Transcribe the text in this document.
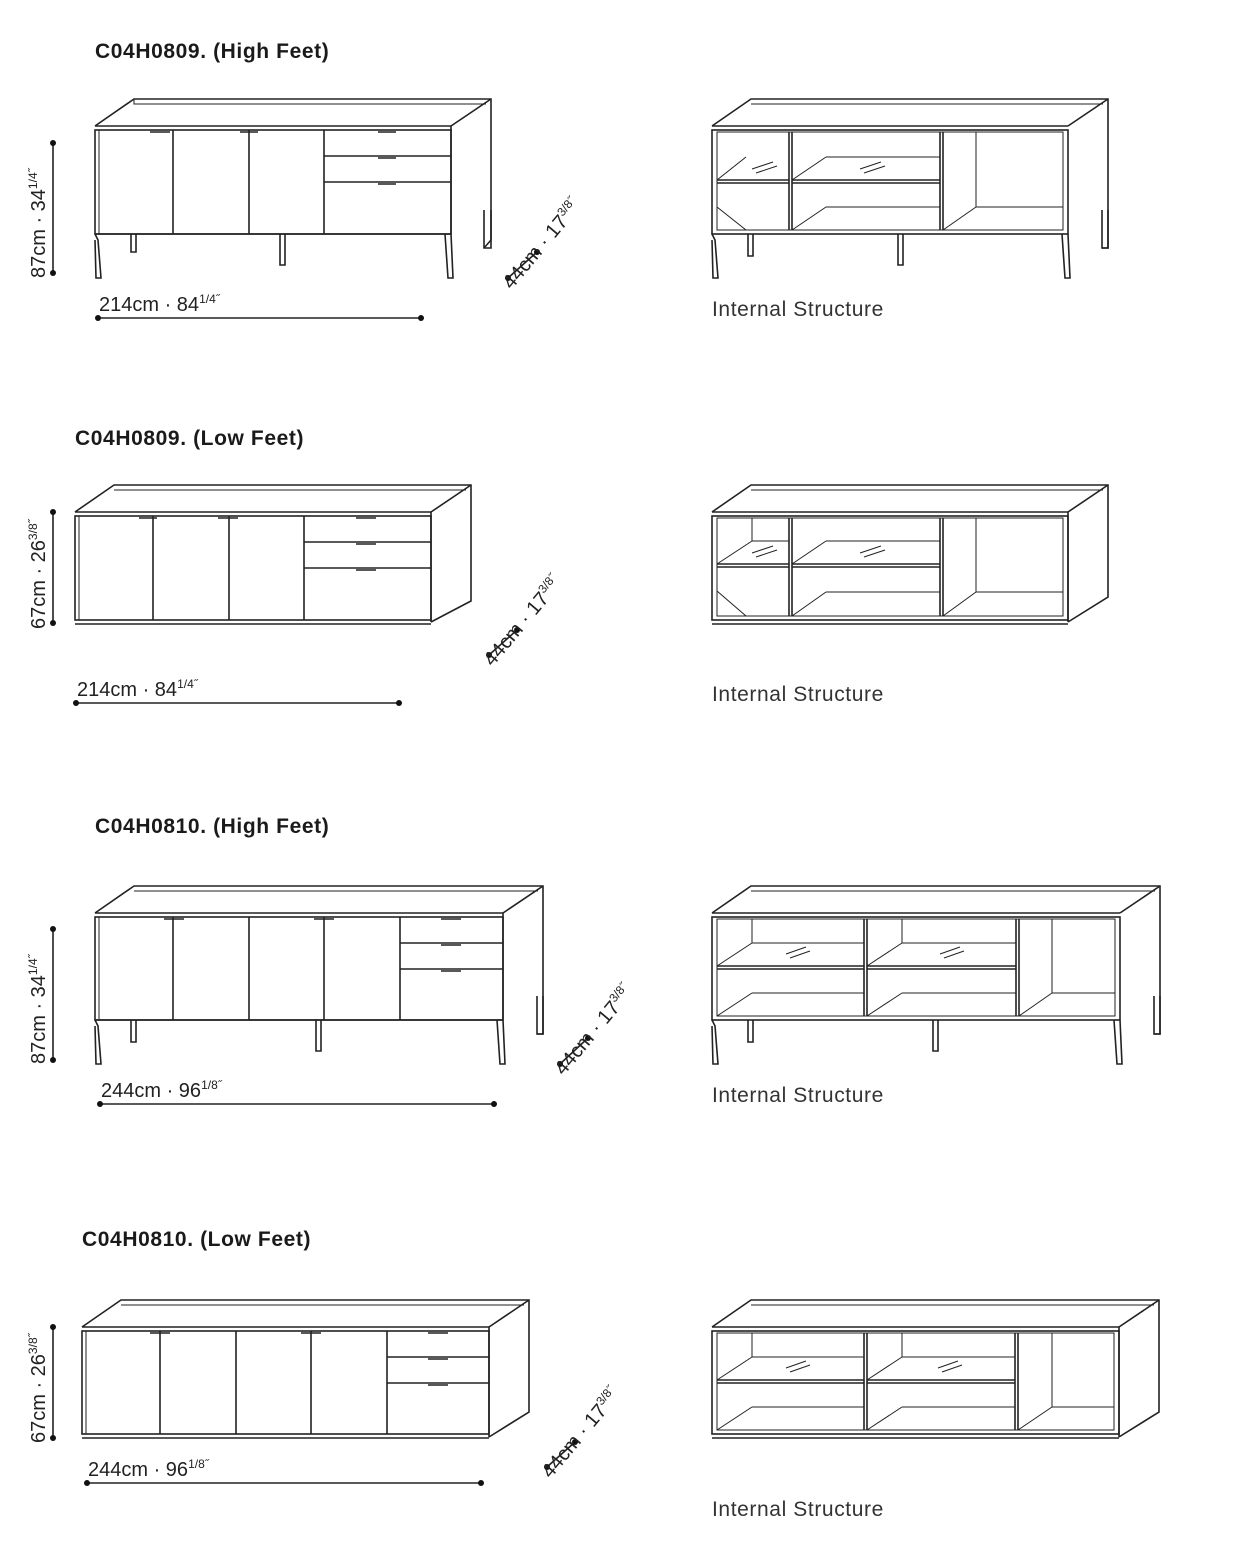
C04H0809. (High Feet)
$87cm \cdot 34^{1/4˝}$
$214cm \cdot 84^{1/4˝}$
$44cm \cdot 17^{3/8˝}$
Internal Structure
C04H0809. (Low Feet)
$67cm \cdot 26^{3/8˝}$
$214cm \cdot 84^{1/4˝}$
$44cm \cdot 17^{3/8˝}$
Internal Structure
C04H0810. (High Feet)
$87cm \cdot 34^{1/4˝}$
$244cm \cdot 96^{1/8˝}$
$44cm \cdot 17^{3/8˝}$
Internal Structure
C04H0810. (Low Feet)
$67cm \cdot 26^{3/8˝}$
$244cm \cdot 96^{1/8˝}$	$44cm \cdot 17^{3/8˝}$
Internal Structure
